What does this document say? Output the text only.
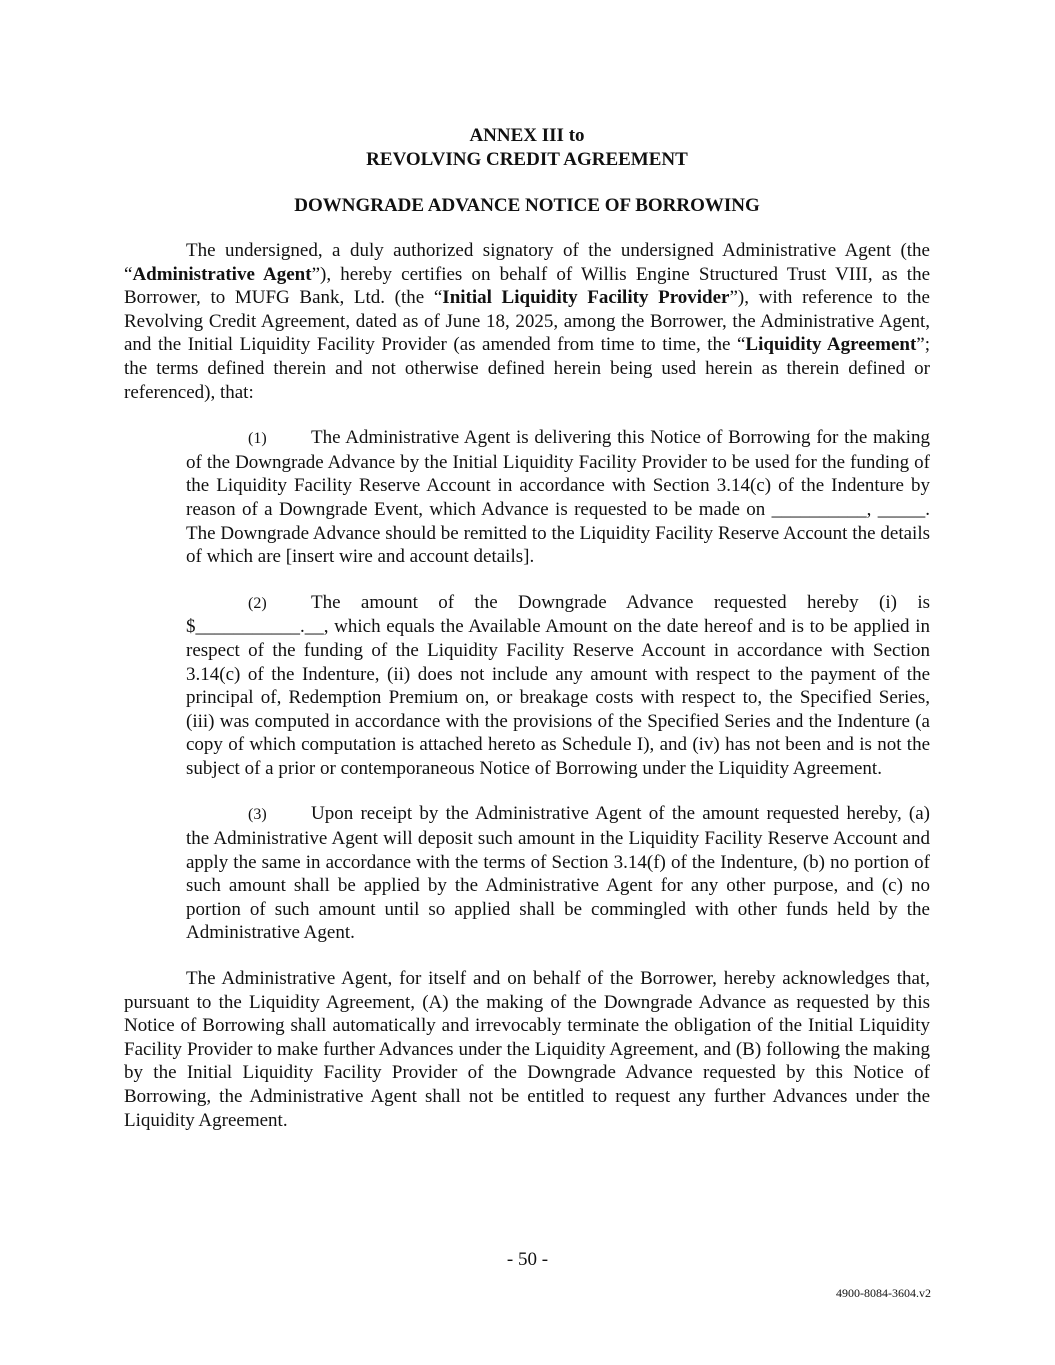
ANNEX III to
REVOLVING CREDIT AGREEMENT
DOWNGRADE ADVANCE NOTICE OF BORROWING

The undersigned, a duly authorized signatory of the undersigned Administrative Agent (the “Administrative Agent”), hereby certifies on behalf of Willis Engine Structured Trust VIII, as the Borrower, to MUFG Bank, Ltd. (the “Initial Liquidity Facility Provider”), with reference to the Revolving Credit Agreement, dated as of June 18, 2025, among the Borrower, the Administrative Agent, and the Initial Liquidity Facility Provider (as amended from time to time, the “Liquidity Agreement”; the terms defined therein and not otherwise defined herein being used herein as therein defined or referenced), that:

(1) The Administrative Agent is delivering this Notice of Borrowing for the making of the Downgrade Advance by the Initial Liquidity Facility Provider to be used for the funding of the Liquidity Facility Reserve Account in accordance with Section 3.14(c) of the Indenture by reason of a Downgrade Event, which Advance is requested to be made on __________, _____. The Downgrade Advance should be remitted to the Liquidity Facility Reserve Account the details of which are [insert wire and account details].

(2) The amount of the Downgrade Advance requested hereby (i) is $___________.__, which equals the Available Amount on the date hereof and is to be applied in respect of the funding of the Liquidity Facility Reserve Account in accordance with Section 3.14(c) of the Indenture, (ii) does not include any amount with respect to the payment of the principal of, Redemption Premium on, or breakage costs with respect to, the Specified Series, (iii) was computed in accordance with the provisions of the Specified Series and the Indenture (a copy of which computation is attached hereto as Schedule I), and (iv) has not been and is not the subject of a prior or contemporaneous Notice of Borrowing under the Liquidity Agreement.

(3) Upon receipt by the Administrative Agent of the amount requested hereby, (a) the Administrative Agent will deposit such amount in the Liquidity Facility Reserve Account and apply the same in accordance with the terms of Section 3.14(f) of the Indenture, (b) no portion of such amount shall be applied by the Administrative Agent for any other purpose, and (c) no portion of such amount until so applied shall be commingled with other funds held by the Administrative Agent.

The Administrative Agent, for itself and on behalf of the Borrower, hereby acknowledges that, pursuant to the Liquidity Agreement, (A) the making of the Downgrade Advance as requested by this Notice of Borrowing shall automatically and irrevocably terminate the obligation of the Initial Liquidity Facility Provider to make further Advances under the Liquidity Agreement, and (B) following the making by the Initial Liquidity Facility Provider of the Downgrade Advance requested by this Notice of Borrowing, the Administrative Agent shall not be entitled to request any further Advances under the Liquidity Agreement.

- 50 -
4900-8084-3604.v2
